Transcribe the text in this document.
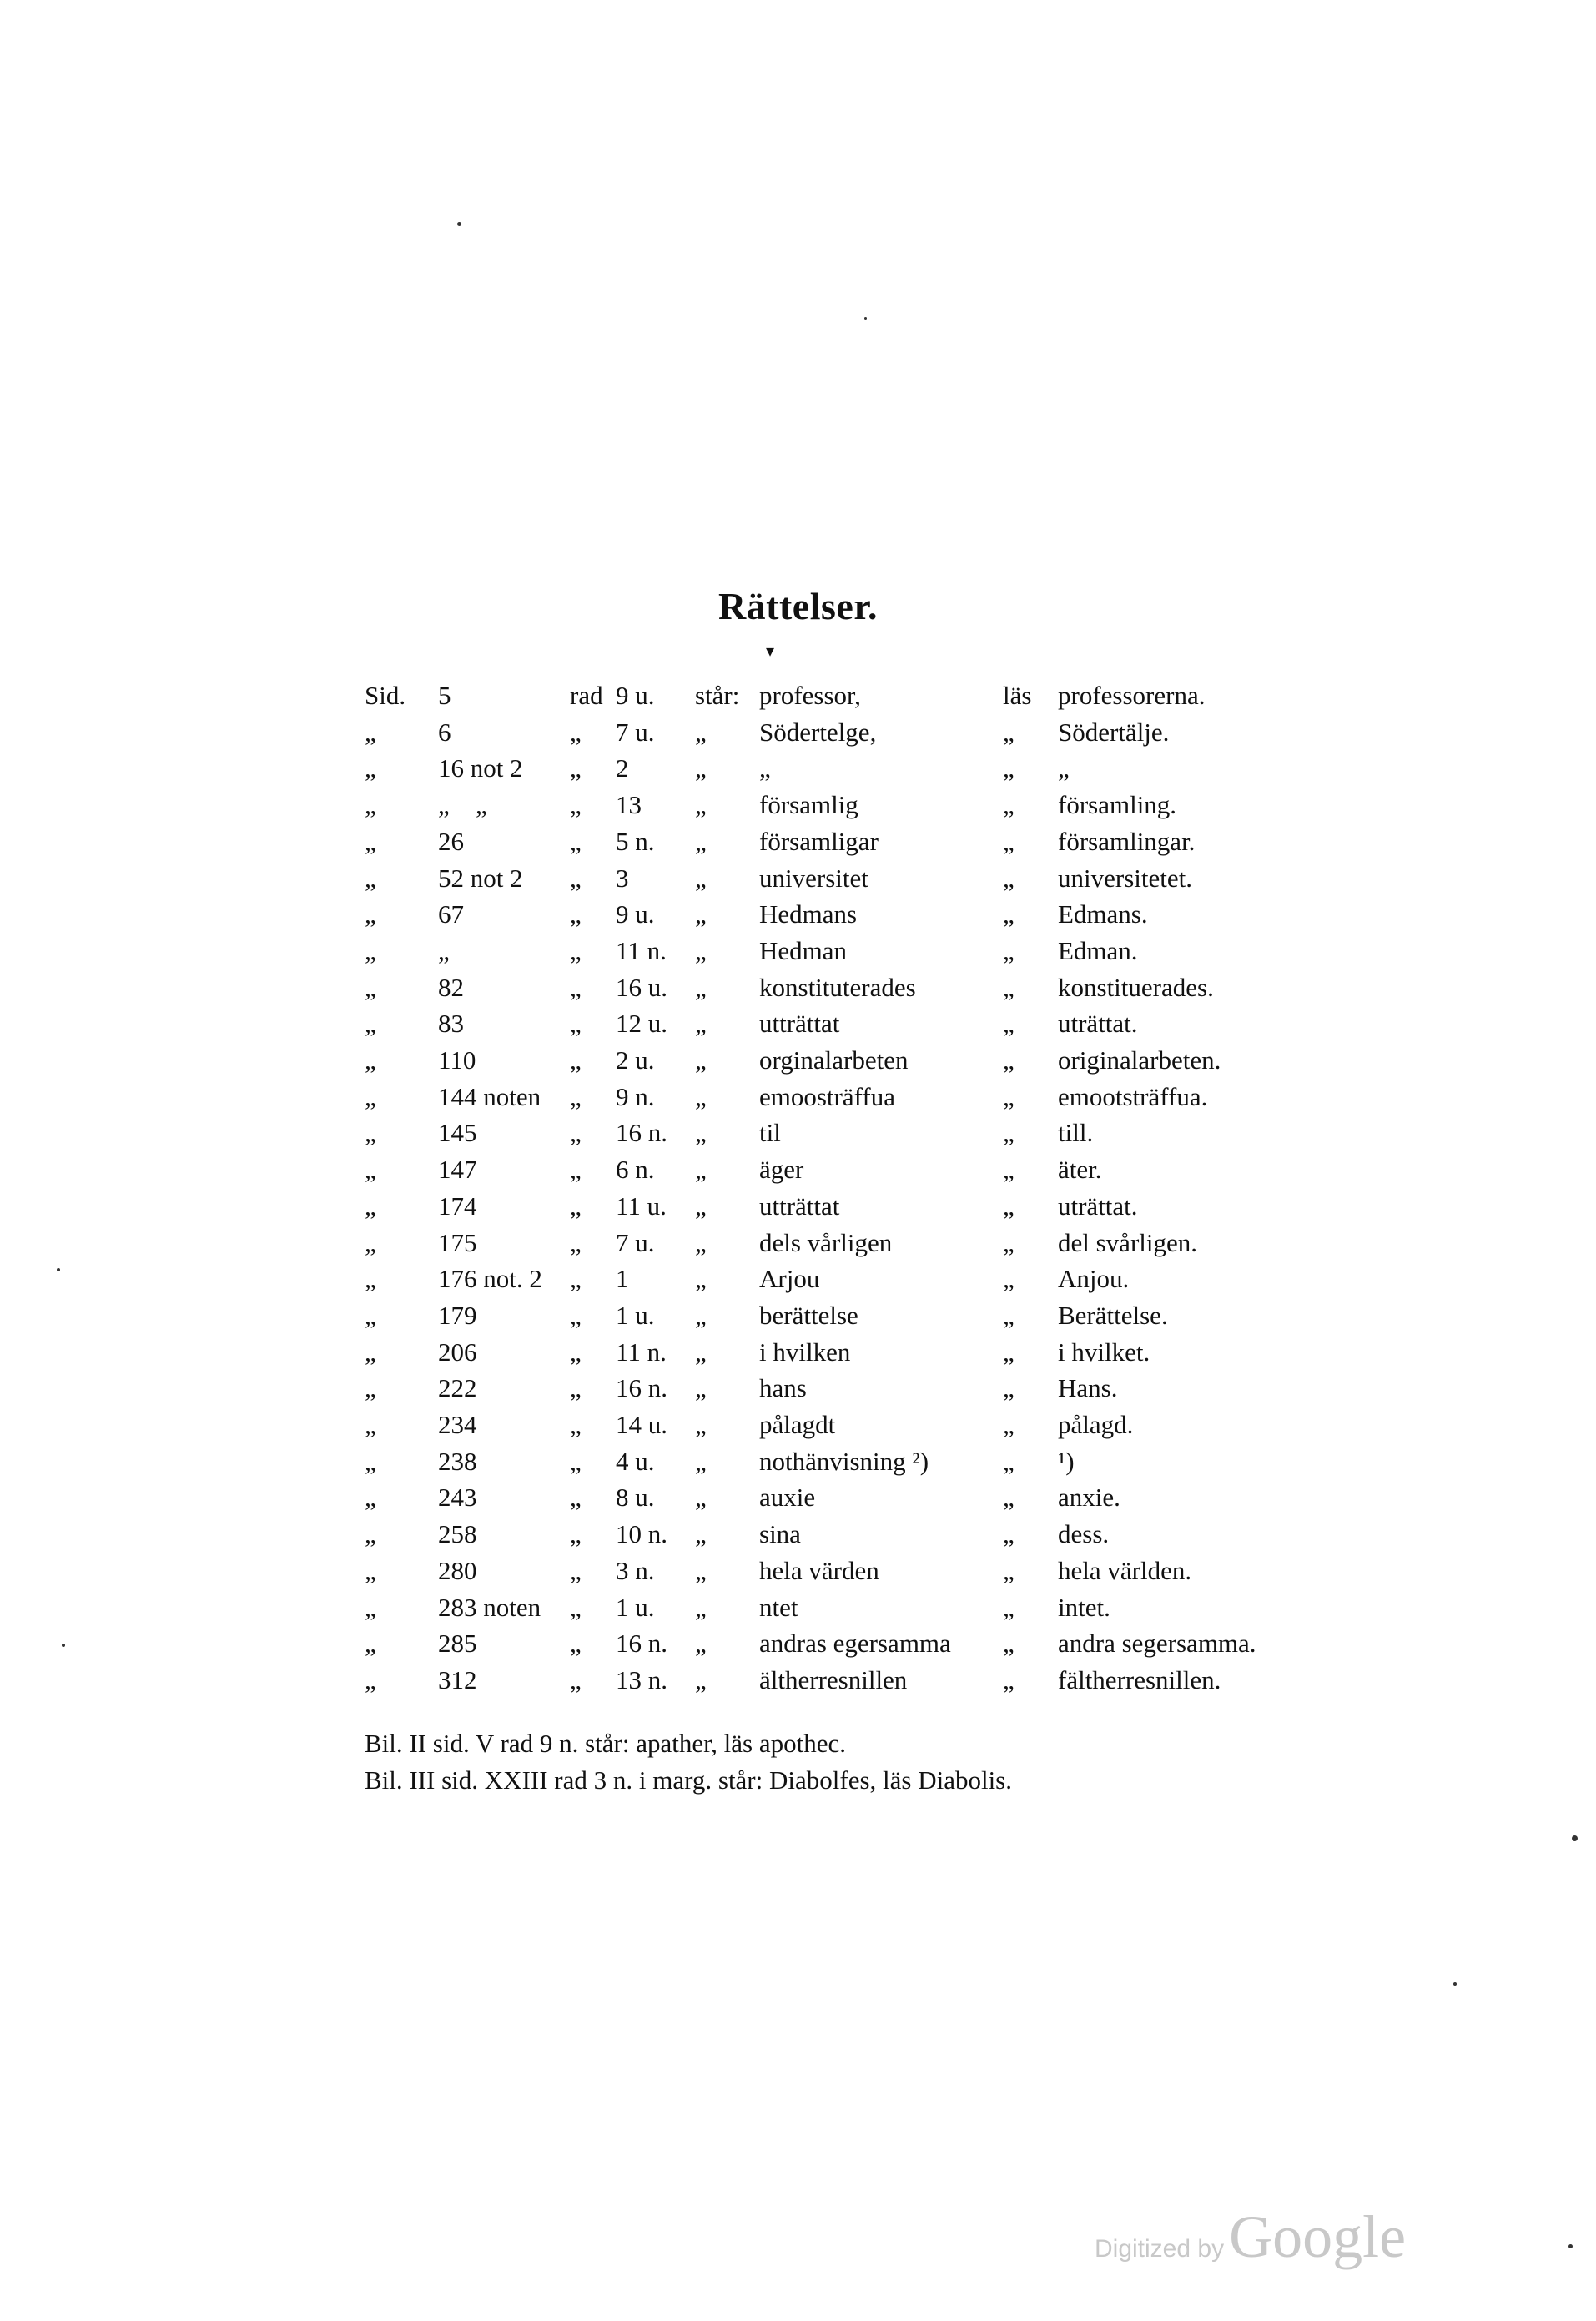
Rättelser.
▾
Sid. 5	rad 9 u. står: professor,	läs professorerna.
„ 6	„ 7 u. „ Södertelge,	„ Södertälje.
„ 16 not 2 „ 2	„ „	„ „
„ „ „	„ 13 „ församlig	„ församling.
„ 26	„ 5 n. „ församligar	„ församlingar.
„ 52 not 2 „ 3	„ universitet	„ universitetet.
„ 67	„ 9 u. „ Hedmans	„ Edmans.
„ „	„ 11 n. „ Hedman	„ Edman.
„ 82	„ 16 u. „ konstituterades	„ konstituerades.
„ 83	„ 12 u. „ utträttat	„ uträttat.
„ 110	„ 2 u. „ orginalarbeten	„ originalarbeten.
„ 144 noten „ 9 n. „ emoosträffua	„ emootsträffua.
„ 145	„ 16 n. „ til	„ till.
„ 147	„ 6 n. „ äger	„ äter.
„ 174	„ 11 u. „ utträttat	„ uträttat.
„ 175	„ 7 u. „ dels vårligen	„ del svårligen.
„ 176 not. 2 „ 1	„ Arjou	„ Anjou.
„ 179	„ 1 u. „ berättelse	„ Berättelse.
„ 206	„ 11 n. „ i hvilken	„ i hvilket.
„ 222	„ 16 n. „ hans	„ Hans.
„ 234	„ 14 u. „ pålagdt	„ pålagd.
„ 238	„ 4 u. „ nothänvisning ²)	„ ¹)
„ 243	„ 8 u. „ auxie	„ anxie.
„ 258	„ 10 n. „ sina	„ dess.
„ 280	„ 3 n. „ hela värden	„ hela världen.
„ 283 noten „ 1 u. „ ntet	„ intet.
„ 285	„ 16 n. „ andras egersamma „ andra segersamma.
„ 312	„ 13 n. „ ältherresnillen	„ fältherresnillen.
Bil. II sid. V rad 9 n. står: apather, läs apothec.
Bil. III sid. XXIII rad 3 n. i marg. står: Diabolfes, läs Diabolis.
Digitized byGoogle
